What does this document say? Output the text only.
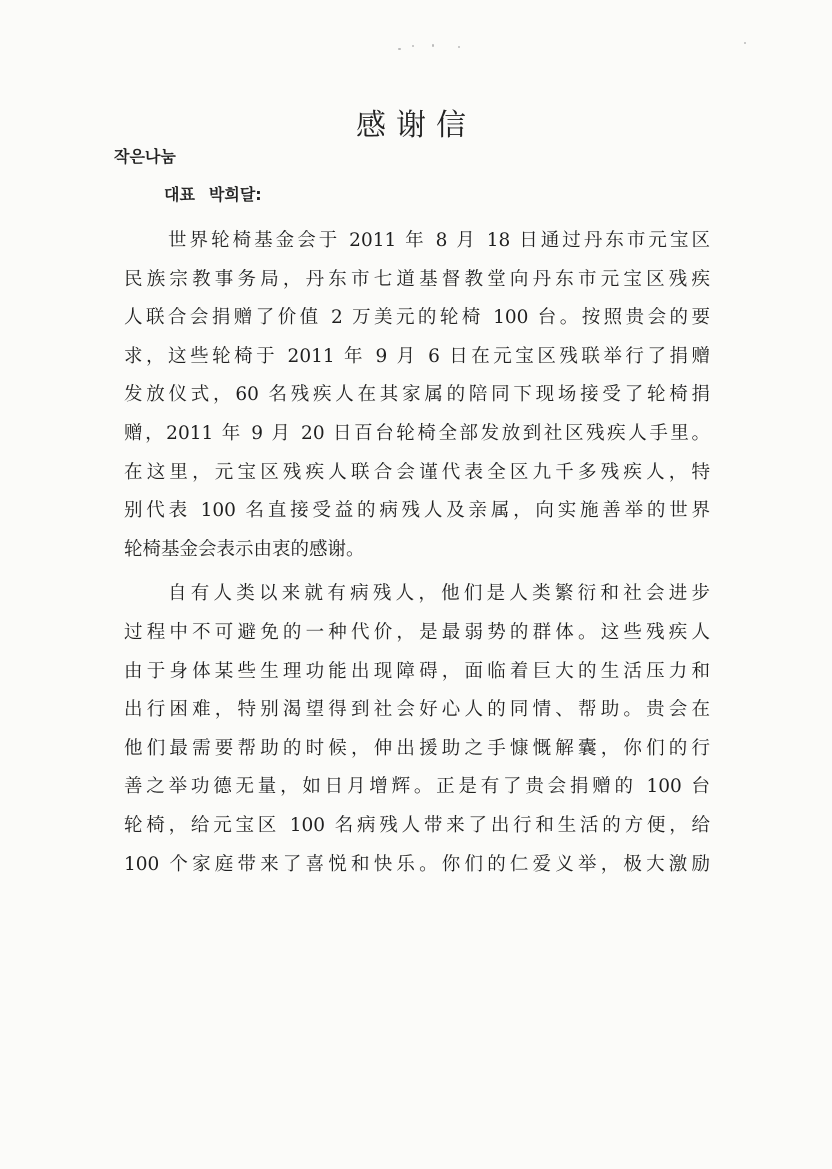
感谢信
작은나눔
대표 박희달:
世界轮椅基金会于 2011 年 8 月 18 日通过丹东市元宝区
民族宗教事务局，丹东市七道基督教堂向丹东市元宝区残疾
人联合会捐赠了价值 2 万美元的轮椅 100 台。按照贵会的要
求，这些轮椅于 2011 年 9 月 6 日在元宝区残联举行了捐赠
发放仪式，60 名残疾人在其家属的陪同下现场接受了轮椅捐
赠，2011 年 9 月 20 日百台轮椅全部发放到社区残疾人手里。
在这里，元宝区残疾人联合会谨代表全区九千多残疾人，特
别代表 100 名直接受益的病残人及亲属，向实施善举的世界
轮椅基金会表示由衷的感谢。
自有人类以来就有病残人，他们是人类繁衍和社会进步
过程中不可避免的一种代价，是最弱势的群体。这些残疾人
由于身体某些生理功能出现障碍，面临着巨大的生活压力和
出行困难，特别渴望得到社会好心人的同情、帮助。贵会在
他们最需要帮助的时候，伸出援助之手慷慨解囊，你们的行
善之举功德无量，如日月增辉。正是有了贵会捐赠的 100 台
轮椅，给元宝区 100 名病残人带来了出行和生活的方便，给
100 个家庭带来了喜悦和快乐。你们的仁爱义举，极大激励
